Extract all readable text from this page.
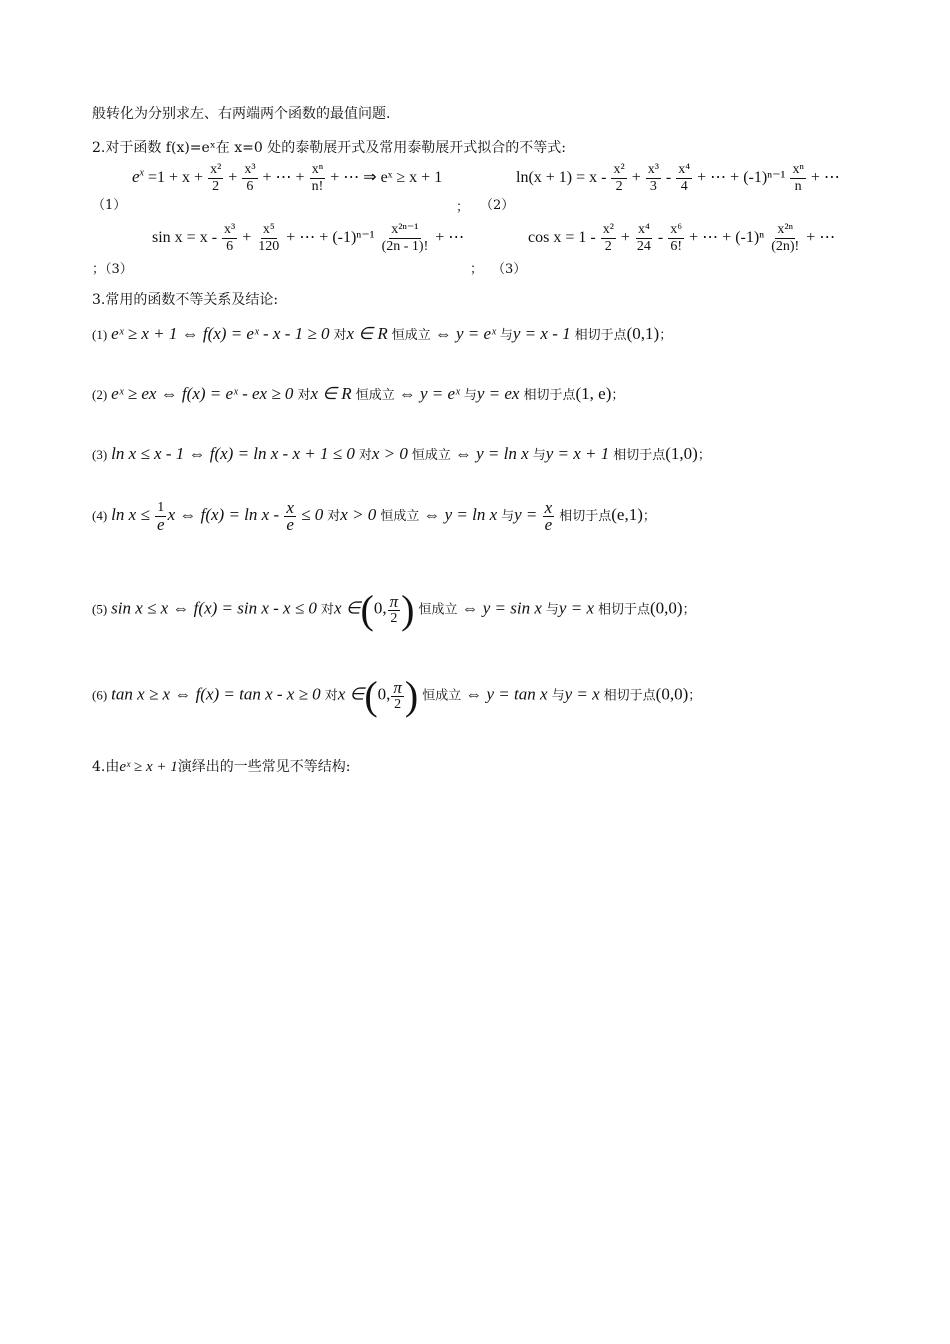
般转化为分别求左、右两端两个函数的最值问题.
2.对于函数 f(x)=eˣ在 x=0 处的泰勒展开式及常用泰勒展开式拟合的不等式:
（1）
$e^x =1 + x + \frac{\text{x²}}{2} + \frac{\text{x³}}{6}$ + ⋯ + $\frac{\text{xⁿ}}{n!}$ + ⋯ ⇒ eˣ ≥ x + 1
； （2）
$\ln(x + 1) = x - \frac{\text{x²}}{2} + \frac{\text{x³}}{3} - \frac{\text{x⁴}}{4}$ + ⋯ + $(-1)^{n-1} \frac{\text{xⁿ}}{n}$ + ⋯
；（3）
$\sin x = x - \frac{\text{x³}}{6} + \frac{\text{x⁵}}{120}$ + ⋯ + $(-1)^{n-1} \frac{\text{x²ⁿ⁻¹}}{(2n - 1)!}$ + ⋯
； （3）
$\cos x = 1 - \frac{\text{x²}}{2} + \frac{\text{x⁴}}{24} - \frac{\text{x⁶}}{6!}$ + ⋯ + $(-1)^n \frac{\text{x²ⁿ}}{(2n)!}$ + ⋯
3.常用的函数不等关系及结论:
(1) eˣ ≥ x + 1 ⇔ f(x) = eˣ - x - 1 ≥ 0 对x ∈ R 恒成立 ⇔ y = eˣ 与y = x - 1 相切于点(0,1)；
(2) eˣ ≥ ex ⇔ f(x) = eˣ - ex ≥ 0 对x ∈ R 恒成立 ⇔ y = eˣ 与y = ex 相切于点(1, e)；
(3) ln x ≤ x - 1 ⇔ f(x) = ln x - x + 1 ≤ 0 对x > 0 恒成立 ⇔ y = ln x 与y = x + 1 相切于点(1,0)；
(4) $\ln x \le \frac{1}{e}$ x ⇔ $f(x) = \ln x - \frac{x}{e} \le 0$ 对x > 0 恒成立 ⇔ y = ln x 与$y = \frac{x}{e}$ 相切于点(e,1)；
(5) sin x ≤ x ⇔ f(x) = sin x - x ≤ 0 对x ∈(0, $\frac{\pi}{2}$ ) 恒成立 ⇔ y = sin x 与y = x 相切于点(0,0)；
(6) tan x ≥ x ⇔ f(x) = tan x - x ≥ 0 对x ∈(0, $\frac{\pi}{2}$ ) 恒成立 ⇔ y = tan x 与y = x 相切于点(0,0)；
4.由eˣ ≥ x + 1演绎出的一些常见不等结构:
